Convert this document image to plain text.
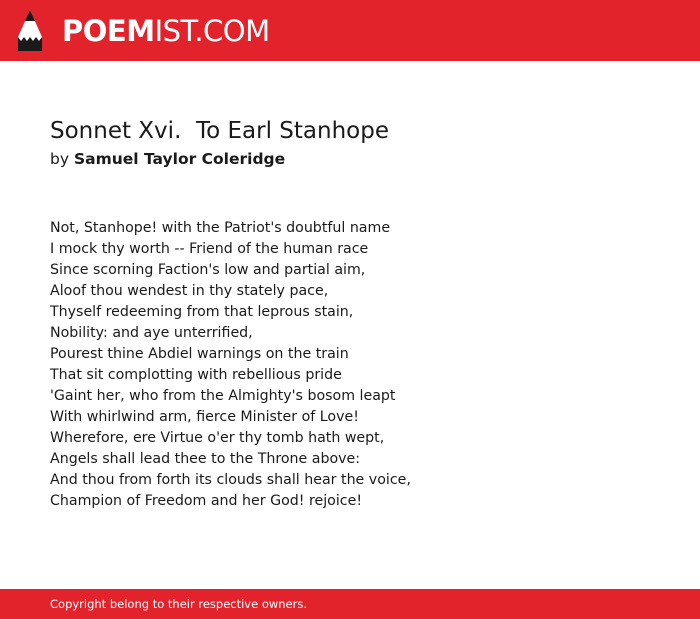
POEMIST.COM
Sonnet Xvi.  To Earl Stanhope
by Samuel Taylor Coleridge
Not, Stanhope! with the Patriot's doubtful name
I mock thy worth -- Friend of the human race
Since scorning Faction's low and partial aim,
Aloof thou wendest in thy stately pace,
Thyself redeeming from that leprous stain,
Nobility: and aye unterrified,
Pourest thine Abdiel warnings on the train
That sit complotting with rebellious pride
'Gaint her, who from the Almighty's bosom leapt
With whirlwind arm, fierce Minister of Love!
Wherefore, ere Virtue o'er thy tomb hath wept,
Angels shall lead thee to the Throne above:
And thou from forth its clouds shall hear the voice,
Champion of Freedom and her God! rejoice!
Copyright belong to their respective owners.
